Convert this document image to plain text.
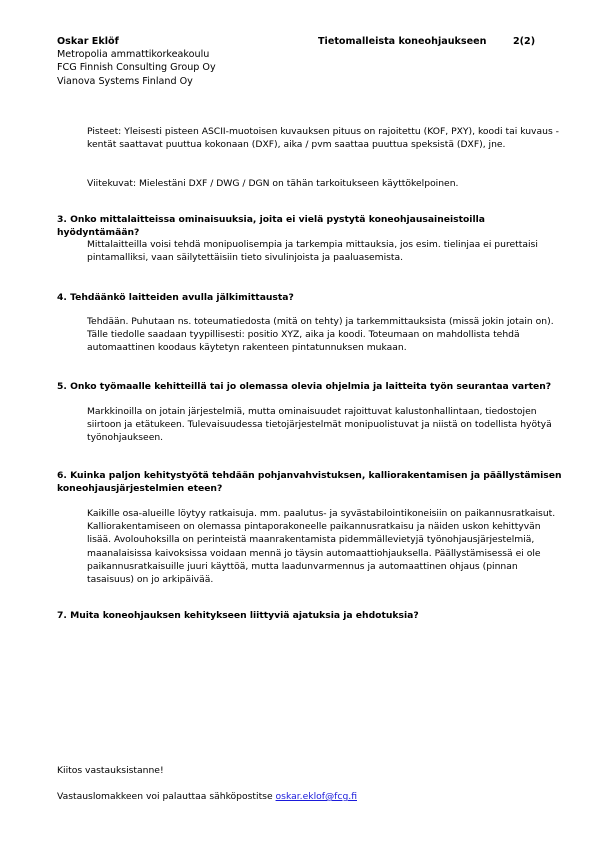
Oskar Eklöf
Metropolia ammattikorkeakoulu
FCG Finnish Consulting Group Oy
Vianova Systems Finland Oy
Tietomalleista koneohjaukseen	2(2)
Pisteet: Yleisesti pisteen ASCII-muotoisen kuvauksen pituus on rajoitettu (KOF, PXY), koodi tai kuvaus -kentät saattavat puuttua kokonaan (DXF), aika / pvm saattaa puuttua speksistä (DXF), jne.
Viitekuvat: Mielestäni DXF / DWG / DGN on tähän tarkoitukseen käyttökelpoinen.
3. Onko mittalaitteissa ominaisuuksia, joita ei vielä pystytä koneohjausaineistoilla hyödyntämään?
Mittalaitteilla voisi tehdä monipuolisempia ja tarkempia mittauksia, jos esim. tielinjaa ei purettaisi pintamalliksi, vaan säilytettäisiin tieto sivulinjoista ja paaluasemista.
4. Tehdäänkö laitteiden avulla jälkimittausta?
Tehdään. Puhutaan ns. toteumatiedosta (mitä on tehty) ja tarkemmittauksista (missä jokin jotain on). Tälle tiedolle saadaan tyypillisesti: positio XYZ, aika ja koodi. Toteumaan on mahdollista tehdä automaattinen koodaus käytetyn rakenteen pintatunnuksen mukaan.
5. Onko työmaalle kehitteillä tai jo olemassa olevia ohjelmia ja laitteita työn seurantaa varten?
Markkinoilla on jotain järjestelmiä, mutta ominaisuudet rajoittuvat kalustonhallintaan, tiedostojen siirtoon ja etätukeen. Tulevaisuudessa tietojärjestelmät monipuolistuvat ja niistä on todellista hyötyä työnohjaukseen.
6. Kuinka paljon kehitystyötä tehdään pohjanvahvistuksen, kalliorakentamisen ja päällystämisen koneohjausjärjestelmien eteen?
Kaikille osa-alueille löytyy ratkaisuja. mm. paalutus- ja syvästabilointikoneisiin on paikannusratkaisut. Kalliorakentamiseen on olemassa pintaporakoneelle paikannusratkaisu ja näiden uskon kehittyvän lisää. Avolouhoksilla on perinteistä maanrakentamista pidemmällevietyjä työnohjausjärjestelmiä, maanalaisissa kaivoksissa voidaan mennä jo täysin automaattiohjauksella. Päällystämisessä ei ole paikannusratkaisuille juuri käyttöä, mutta laadunvarmennus ja automaattinen ohjaus (pinnan tasaisuus) on jo arkipäivää.
7. Muita koneohjauksen kehitykseen liittyviä ajatuksia ja ehdotuksia?
Kiitos vastauksistanne!
Vastauslomakkeen voi palauttaa sähköpostitse oskar.eklof@fcg.fi
